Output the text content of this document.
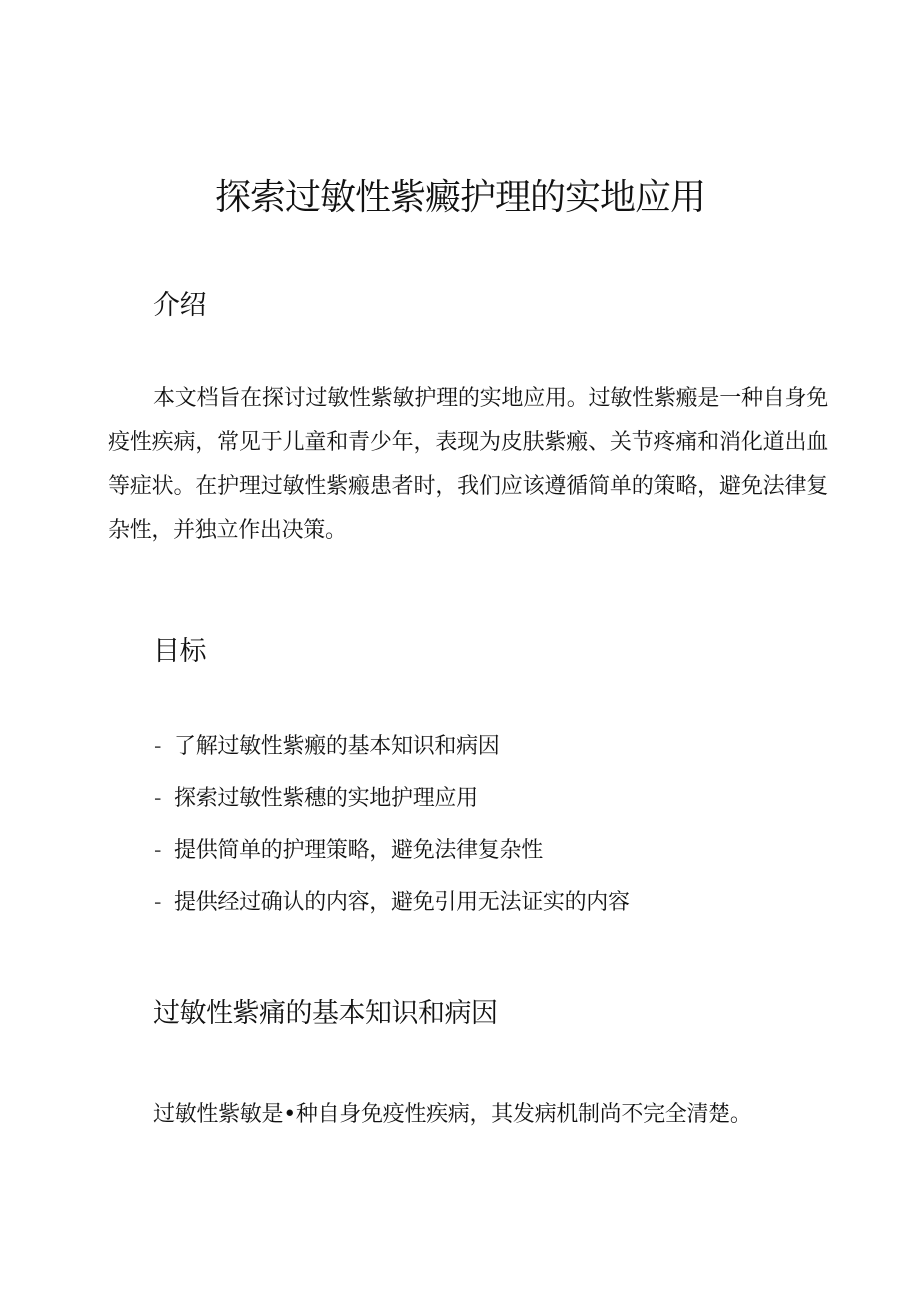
探索过敏性紫癜护理的实地应用
介绍

本文档旨在探讨过敏性紫敏护理的实地应用。过敏性紫瘢是一种自身免疫性疾病，常见于儿童和青少年，表现为皮肤紫瘢、关节疼痛和消化道出血等症状。在护理过敏性紫瘢患者时，我们应该遵循简单的策略，避免法律复杂性，并独立作出决策。

目标
- 了解过敏性紫瘢的基本知识和病因
- 探索过敏性紫穗的实地护理应用
- 提供简单的护理策略，避免法律复杂性
- 提供经过确认的内容，避免引用无法证实的内容
过敏性紫痛的基本知识和病因

过敏性紫敏是•种自身免疫性疾病，其发病机制尚不完全清楚。
